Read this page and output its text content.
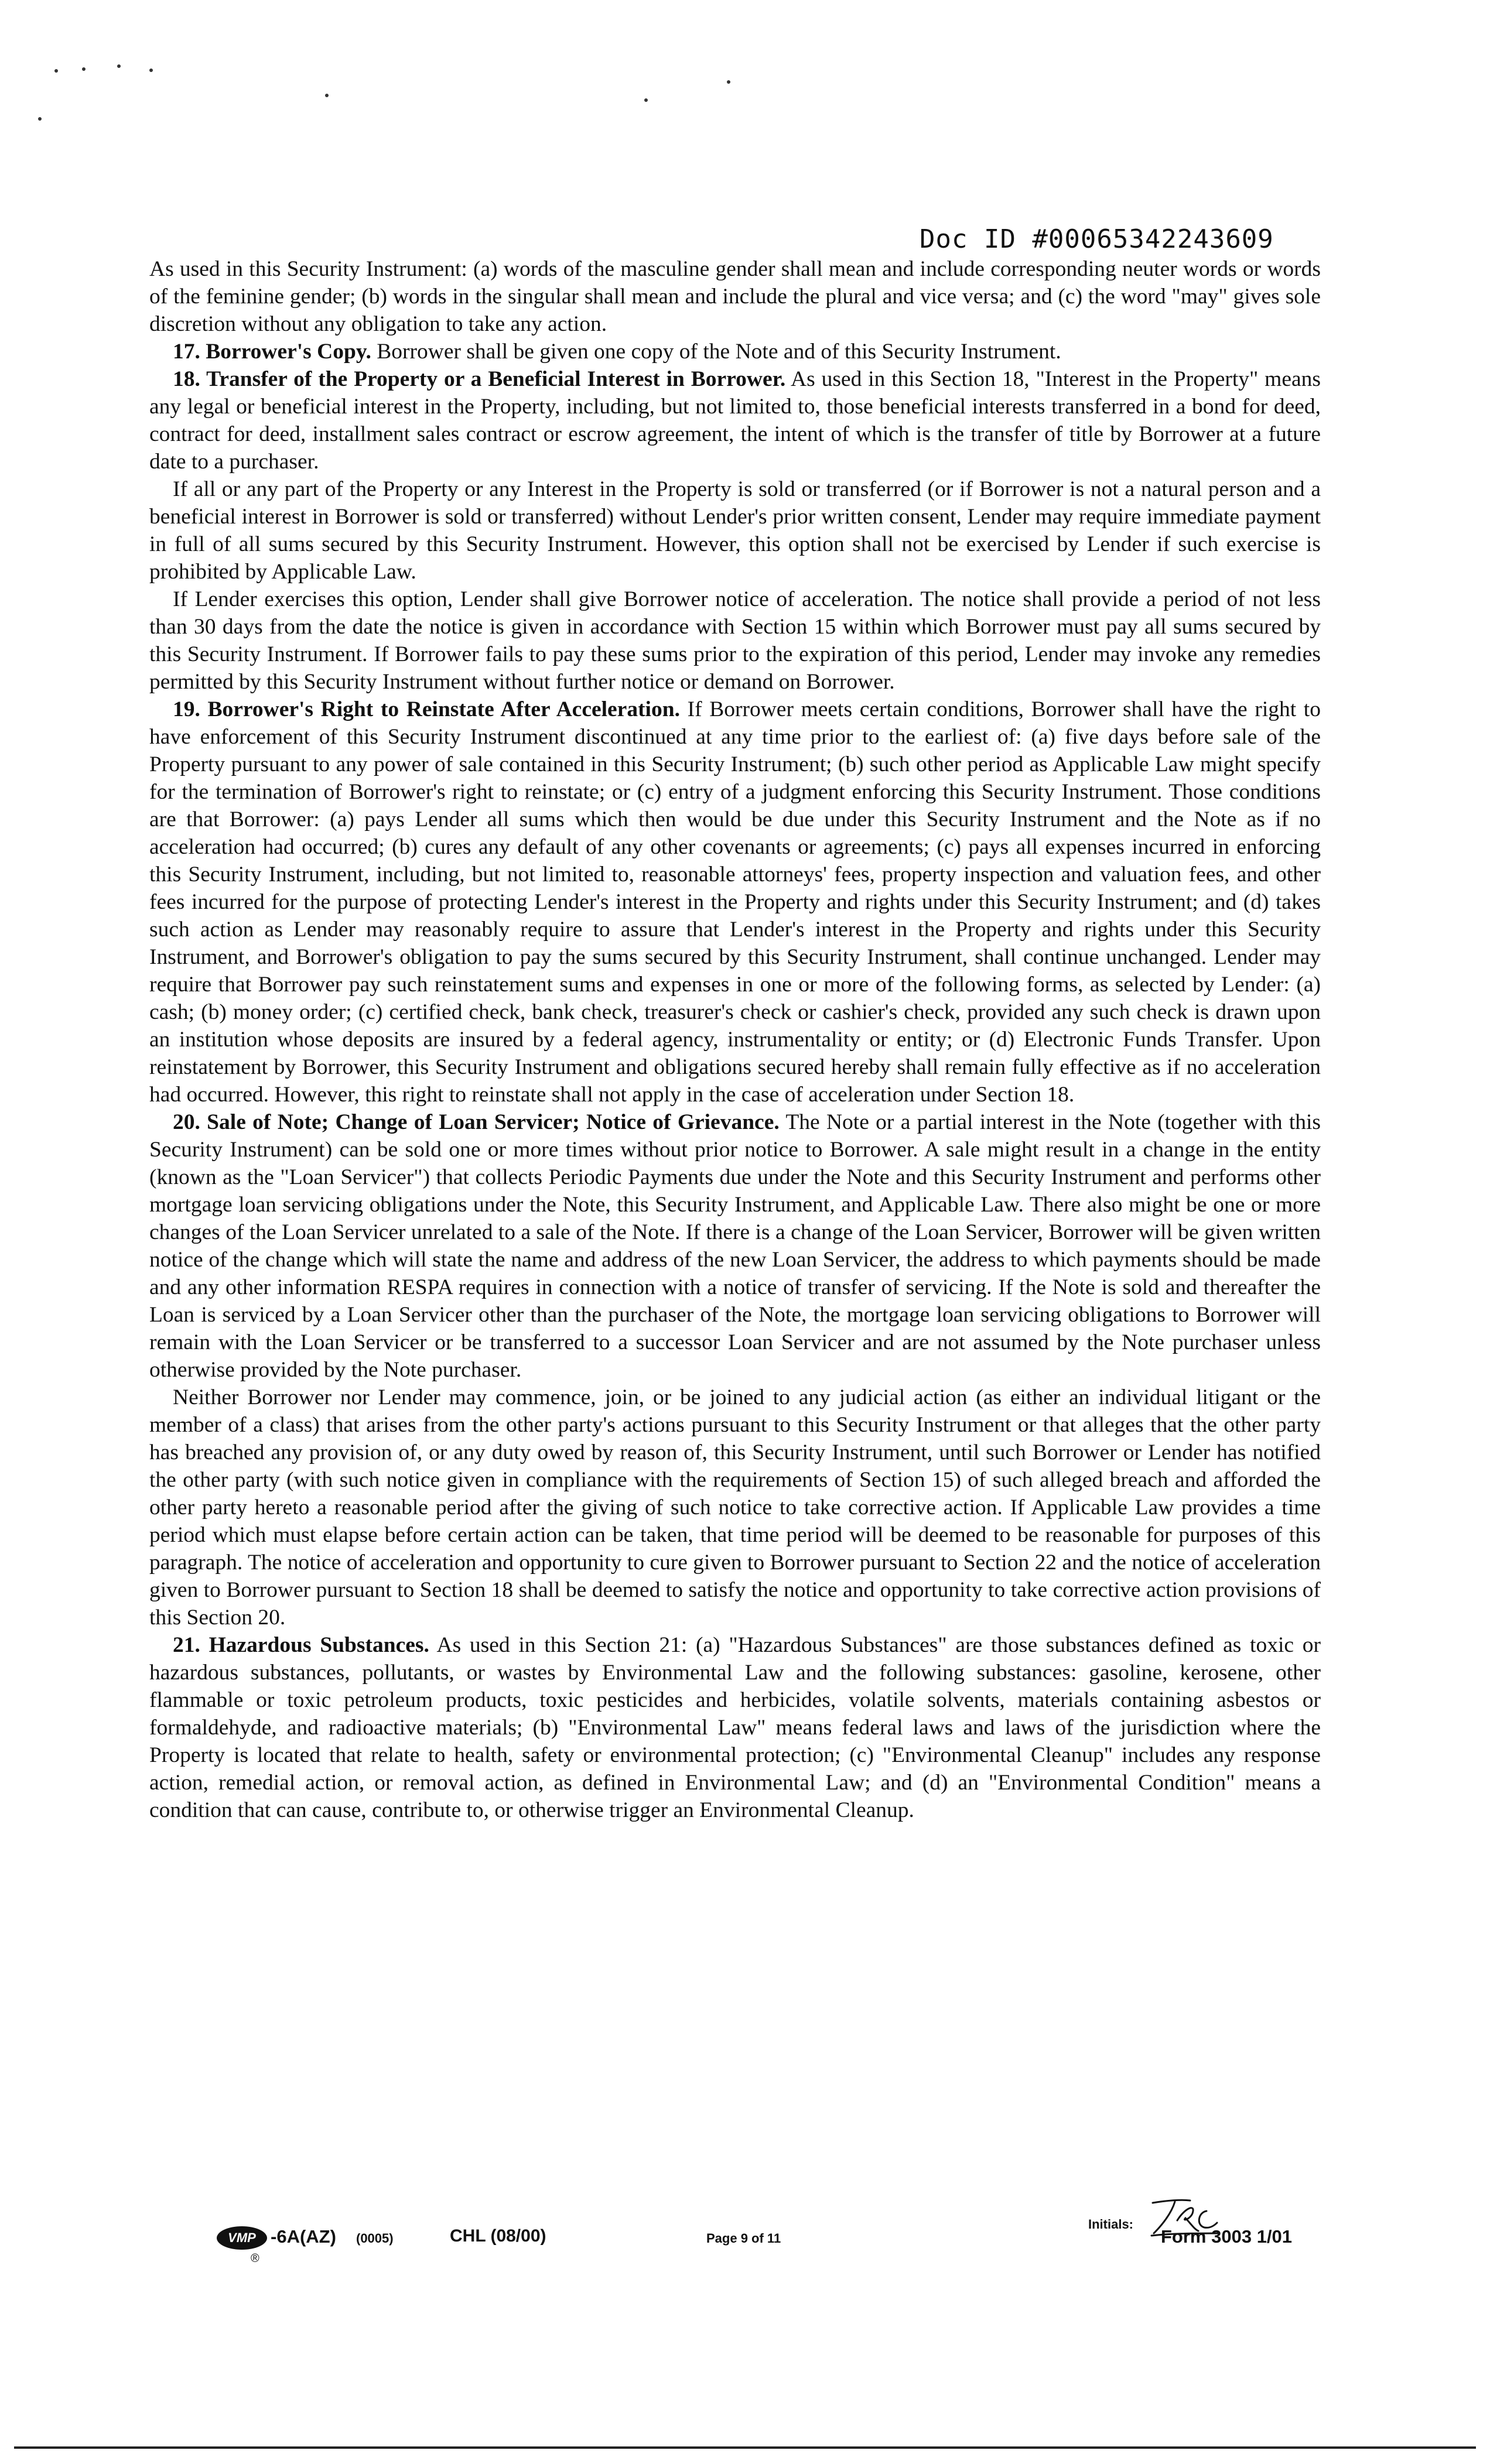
Doc ID #00065342243609

As used in this Security Instrument: (a) words of the masculine gender shall mean and include corresponding neuter words or words of the feminine gender; (b) words in the singular shall mean and include the plural and vice versa; and (c) the word "may" gives sole discretion without any obligation to take any action.

17. Borrower's Copy. Borrower shall be given one copy of the Note and of this Security Instrument.

18. Transfer of the Property or a Beneficial Interest in Borrower. As used in this Section 18, "Interest in the Property" means any legal or beneficial interest in the Property, including, but not limited to, those beneficial interests transferred in a bond for deed, contract for deed, installment sales contract or escrow agreement, the intent of which is the transfer of title by Borrower at a future date to a purchaser.

If all or any part of the Property or any Interest in the Property is sold or transferred (or if Borrower is not a natural person and a beneficial interest in Borrower is sold or transferred) without Lender's prior written consent, Lender may require immediate payment in full of all sums secured by this Security Instrument. However, this option shall not be exercised by Lender if such exercise is prohibited by Applicable Law.

If Lender exercises this option, Lender shall give Borrower notice of acceleration. The notice shall provide a period of not less than 30 days from the date the notice is given in accordance with Section 15 within which Borrower must pay all sums secured by this Security Instrument. If Borrower fails to pay these sums prior to the expiration of this period, Lender may invoke any remedies permitted by this Security Instrument without further notice or demand on Borrower.

19. Borrower's Right to Reinstate After Acceleration. If Borrower meets certain conditions, Borrower shall have the right to have enforcement of this Security Instrument discontinued at any time prior to the earliest of: (a) five days before sale of the Property pursuant to any power of sale contained in this Security Instrument; (b) such other period as Applicable Law might specify for the termination of Borrower's right to reinstate; or (c) entry of a judgment enforcing this Security Instrument. Those conditions are that Borrower: (a) pays Lender all sums which then would be due under this Security Instrument and the Note as if no acceleration had occurred; (b) cures any default of any other covenants or agreements; (c) pays all expenses incurred in enforcing this Security Instrument, including, but not limited to, reasonable attorneys' fees, property inspection and valuation fees, and other fees incurred for the purpose of protecting Lender's interest in the Property and rights under this Security Instrument; and (d) takes such action as Lender may reasonably require to assure that Lender's interest in the Property and rights under this Security Instrument, and Borrower's obligation to pay the sums secured by this Security Instrument, shall continue unchanged. Lender may require that Borrower pay such reinstatement sums and expenses in one or more of the following forms, as selected by Lender: (a) cash; (b) money order; (c) certified check, bank check, treasurer's check or cashier's check, provided any such check is drawn upon an institution whose deposits are insured by a federal agency, instrumentality or entity; or (d) Electronic Funds Transfer. Upon reinstatement by Borrower, this Security Instrument and obligations secured hereby shall remain fully effective as if no acceleration had occurred. However, this right to reinstate shall not apply in the case of acceleration under Section 18.

20. Sale of Note; Change of Loan Servicer; Notice of Grievance. The Note or a partial interest in the Note (together with this Security Instrument) can be sold one or more times without prior notice to Borrower. A sale might result in a change in the entity (known as the "Loan Servicer") that collects Periodic Payments due under the Note and this Security Instrument and performs other mortgage loan servicing obligations under the Note, this Security Instrument, and Applicable Law. There also might be one or more changes of the Loan Servicer unrelated to a sale of the Note. If there is a change of the Loan Servicer, Borrower will be given written notice of the change which will state the name and address of the new Loan Servicer, the address to which payments should be made and any other information RESPA requires in connection with a notice of transfer of servicing. If the Note is sold and thereafter the Loan is serviced by a Loan Servicer other than the purchaser of the Note, the mortgage loan servicing obligations to Borrower will remain with the Loan Servicer or be transferred to a successor Loan Servicer and are not assumed by the Note purchaser unless otherwise provided by the Note purchaser.

Neither Borrower nor Lender may commence, join, or be joined to any judicial action (as either an individual litigant or the member of a class) that arises from the other party's actions pursuant to this Security Instrument or that alleges that the other party has breached any provision of, or any duty owed by reason of, this Security Instrument, until such Borrower or Lender has notified the other party (with such notice given in compliance with the requirements of Section 15) of such alleged breach and afforded the other party hereto a reasonable period after the giving of such notice to take corrective action. If Applicable Law provides a time period which must elapse before certain action can be taken, that time period will be deemed to be reasonable for purposes of this paragraph. The notice of acceleration and opportunity to cure given to Borrower pursuant to Section 22 and the notice of acceleration given to Borrower pursuant to Section 18 shall be deemed to satisfy the notice and opportunity to take corrective action provisions of this Section 20.

21. Hazardous Substances. As used in this Section 21: (a) "Hazardous Substances" are those substances defined as toxic or hazardous substances, pollutants, or wastes by Environmental Law and the following substances: gasoline, kerosene, other flammable or toxic petroleum products, toxic pesticides and herbicides, volatile solvents, materials containing asbestos or formaldehyde, and radioactive materials; (b) "Environmental Law" means federal laws and laws of the jurisdiction where the Property is located that relate to health, safety or environmental protection; (c) "Environmental Cleanup" includes any response action, remedial action, or removal action, as defined in Environmental Law; and (d) an "Environmental Condition" means a condition that can cause, contribute to, or otherwise trigger an Environmental Cleanup.

VMP
®
-6A(AZ) (0005)	CHL (08/00)	Page 9 of 11
Initials:
Form 3003 1/01
